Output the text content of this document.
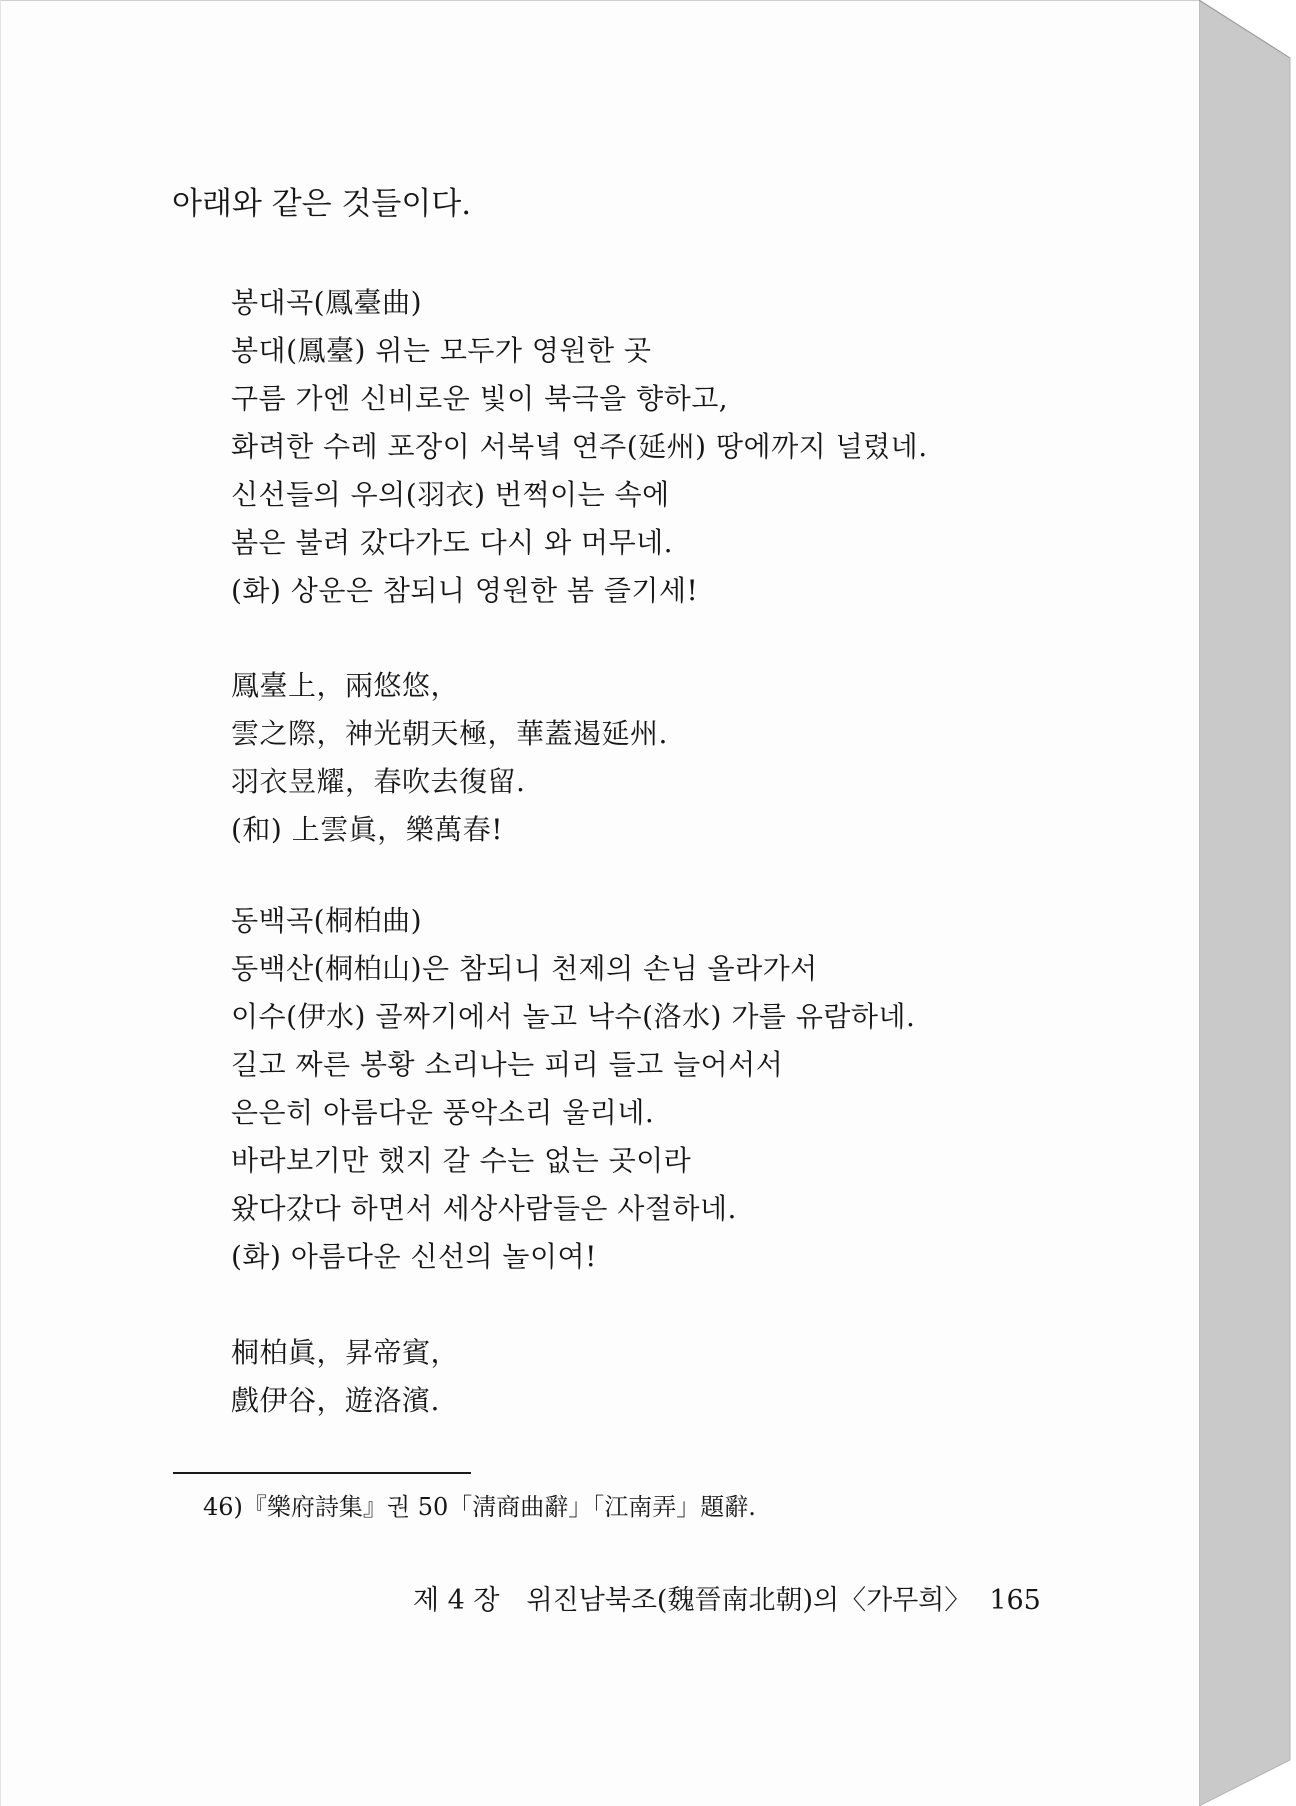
아래와 같은 것들이다.
봉대곡(鳳臺曲)
봉대(鳳臺) 위는 모두가 영원한 곳
구름 가엔 신비로운 빛이 북극을 향하고,
화려한 수레 포장이 서북녘 연주(延州) 땅에까지 널렸네.
신선들의 우의(羽衣) 번쩍이는 속에
봄은 불려 갔다가도 다시 와 머무네.
(화) 상운은 참되니 영원한 봄 즐기세!
鳳臺上，兩悠悠，
雲之際，神光朝天極，華蓋遏延州.
羽衣昱耀，春吹去復留.
(和) 上雲眞，樂萬春!
동백곡(桐柏曲)
동백산(桐柏山)은 참되니 천제의 손님 올라가서
이수(伊水) 골짜기에서 놀고 낙수(洛水) 가를 유람하네.
길고 짜른 봉황 소리나는 피리 들고 늘어서서
은은히 아름다운 풍악소리 울리네.
바라보기만 했지 갈 수는 없는 곳이라
왔다갔다 하면서 세상사람들은 사절하네.
(화) 아름다운 신선의 놀이여!
桐柏眞，昇帝賓，
戲伊谷，遊洛濱.
46)『樂府詩集』권 50「淸商曲辭」「江南弄」題辭.
제 4 장　위진남북조(魏晉南北朝)의〈가무희〉 165
